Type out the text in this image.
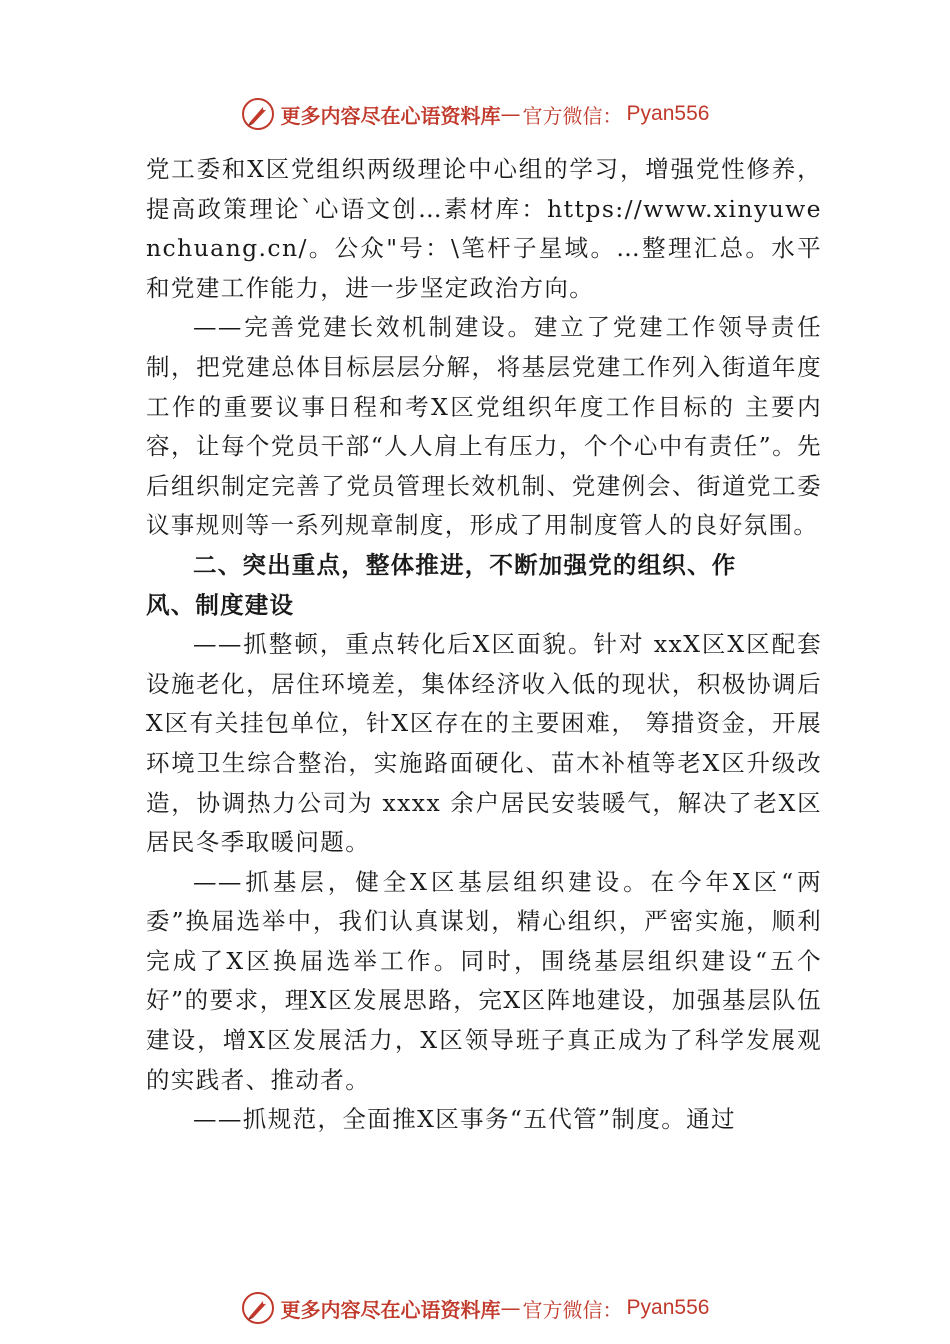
更多内容尽在心语资料库 — 官方微信： Pyan556

党工委和X区党组织两级理论中心组的学习，增强党性修养，提高政策理论`心语文创…素材库：https://www.xinyuwenchuang.cn/。公众"号：\笔杆子星域。…整理汇总。水平和党建工作能力，进一步坚定政治方向。

——完善党建长效机制建设。建立了党建工作领导责任制，把党建总体目标层层分解，将基层党建工作列入街道年度工作的重要议事日程和考X区党组织年度工作目标的 主要内容，让每个党员干部“人人肩上有压力，个个心中有责任”。先后组织制定完善了党员管理长效机制、党建例会、街道党工委议事规则等一系列规章制度，形成了用制度管人的良好氛围。

二、突出重点，整体推进，不断加强党的组织、作风、制度建设

——抓整顿，重点转化后X区面貌。针对 xxX区X区配套设施老化，居住环境差，集体经济收入低的现状，积极协调后X区有关挂包单位，针X区存在的主要困难， 筹措资金，开展环境卫生综合整治，实施路面硬化、苗木补植等老X区升级改造，协调热力公司为 xxxx 余户居民安装暖气，解决了老X区居民冬季取暖问题。

——抓基层，健全X区基层组织建设。在今年X区“两委”换届选举中，我们认真谋划，精心组织，严密实施，顺利完成了X区换届选举工作。同时，围绕基层组织建设“五个好”的要求，理X区发展思路，完X区阵地建设，加强基层队伍建设，增X区发展活力，X区领导班子真正成为了科学发展观的实践者、推动者。

——抓规范，全面推X区事务“五代管”制度。通过

更多内容尽在心语资料库 — 官方微信： Pyan556
